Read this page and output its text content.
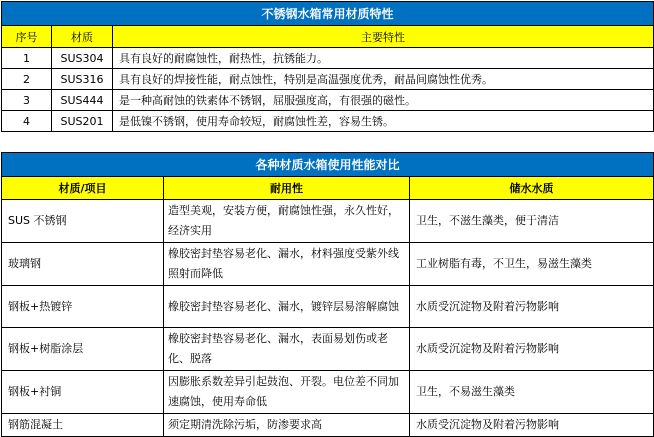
不锈钢水箱常用材质特性		
序号	材质	主要特性
1	SUS304	具有良好的耐腐蚀性，耐热性，抗锈能力。
2	SUS316	具有良好的焊接性能，耐点蚀性，特别是高温强度优秀，耐晶间腐蚀性优秀。
3	SUS444	是一种高耐蚀的铁素体不锈钢，屈服强度高，有很强的磁性。
4	SUS201	是低镍不锈钢，使用寿命较短，耐腐蚀性差，容易生锈。
各种材质水箱使用性能对比		
材质/项目	耐用性	储水水质
SUS 不锈钢	造型美观，安装方便，耐腐蚀性强，永久性好，经济实用	卫生，不滋生藻类，便于清洁
玻璃钢	橡胶密封垫容易老化、漏水，材料强度受紫外线照射而降低	工业树脂有毒，不卫生，易滋生藻类
钢板+热镀锌	橡胶密封垫容易老化、漏水，镀锌层易溶解腐蚀	水质受沉淀物及附着污物影响
钢板+树脂涂层	橡胶密封垫容易老化、漏水，表面易划伤或老化、脱落	水质受沉淀物及附着污物影响
钢板+衬铜	因膨胀系数差异引起鼓泡、开裂。电位差不同加速腐蚀，使用寿命低	卫生，不易滋生藻类
钢筋混凝土	须定期清洗除污垢，防渗要求高	水质受沉淀物及附着污物影响
